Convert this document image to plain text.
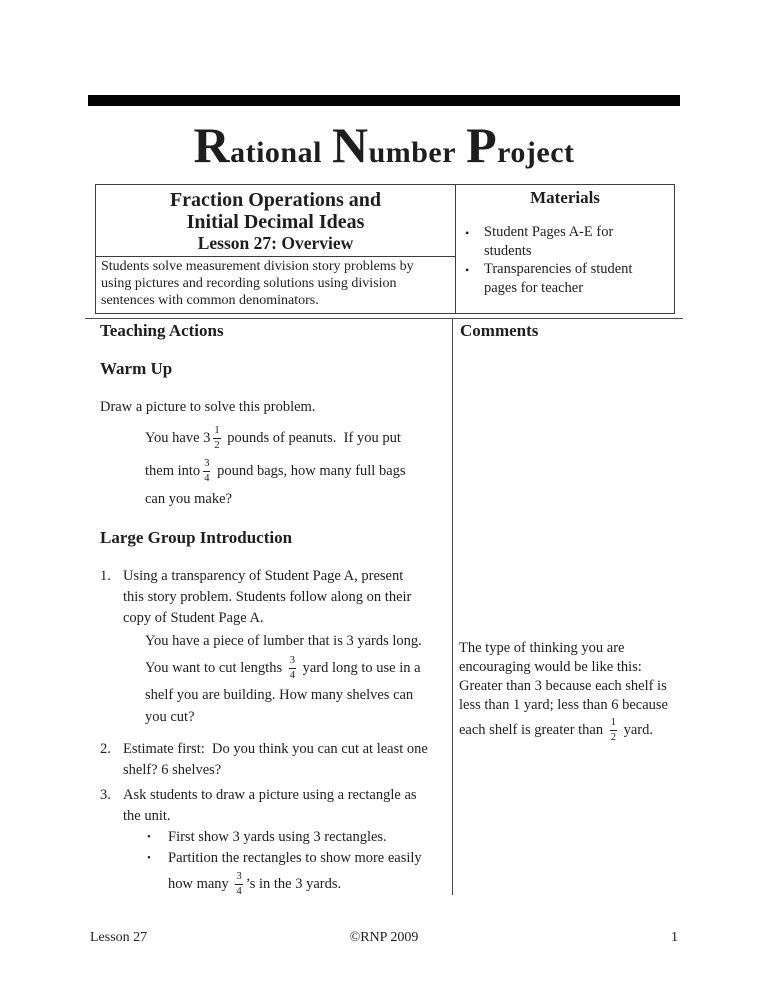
Rational Number Project
Fraction Operations and
Initial Decimal Ideas
Lesson 27: Overview
Students solve measurement division story problems by
using pictures and recording solutions using division
sentences with common denominators.
Materials
•	Student Pages A-E for
students
•	Transparencies of student
pages for teacher
Teaching Actions	Comments
Warm Up
Draw a picture to solve this problem.
You have $3 \frac{1}{2}$ pounds of peanuts.  If you put
them into $\frac{3}{4}$ pound bags, how many full bags
can you make?
Large Group Introduction
1. Using a transparency of Student Page A, present
this story problem. Students follow along on their
copy of Student Page A.
You have a piece of lumber that is 3 yards long.
You want to cut lengths $\frac{3}{4}$ yard long to use in a
shelf you are building. How many shelves can
you cut?
2. Estimate first:  Do you think you can cut at least one
shelf? 6 shelves?
3. Ask students to draw a picture using a rectangle as
the unit.
•	First show 3 yards using 3 rectangles.
•	Partition the rectangles to show more easily
how many $\frac{3}{4}$ ’s in the 3 yards.
The type of thinking you are
encouraging would be like this:
Greater than 3 because each shelf is
less than 1 yard; less than 6 because
each shelf is greater than $\frac{1}{2}$ yard.
Lesson 27	©RNP 2009	1
